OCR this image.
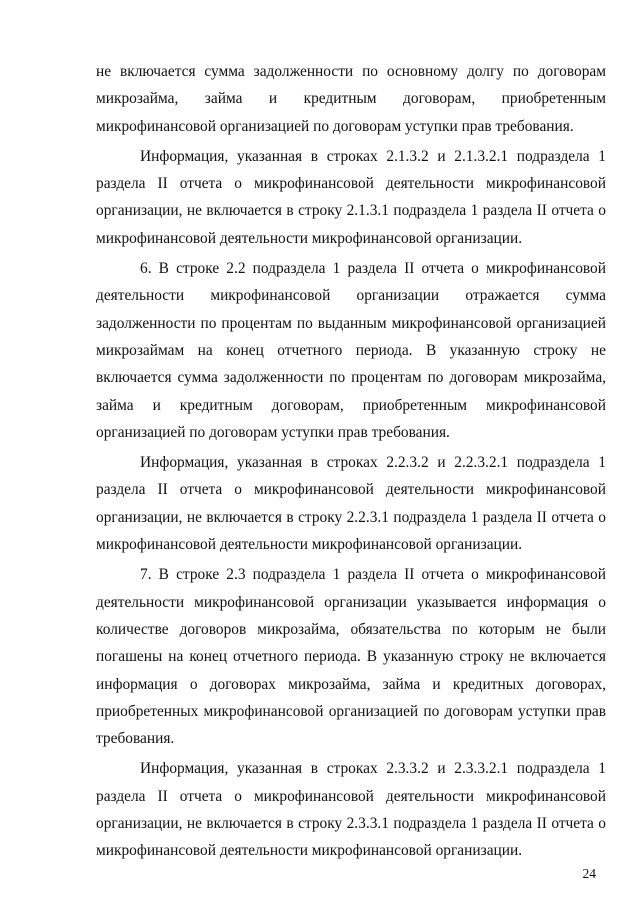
не включается сумма задолженности по основному долгу по договорам микрозайма, займа и кредитным договорам, приобретенным микрофинансовой организацией по договорам уступки прав требования.

Информация, указанная в строках 2.1.3.2 и 2.1.3.2.1 подраздела 1 раздела II отчета о микрофинансовой деятельности микрофинансовой организации, не включается в строку 2.1.3.1 подраздела 1 раздела II отчета о микрофинансовой деятельности микрофинансовой организации.

6. В строке 2.2 подраздела 1 раздела II отчета о микрофинансовой деятельности микрофинансовой организации отражается сумма задолженности по процентам по выданным микрофинансовой организацией микрозаймам на конец отчетного периода. В указанную строку не включается сумма задолженности по процентам по договорам микрозайма, займа и кредитным договорам, приобретенным микрофинансовой организацией по договорам уступки прав требования.

Информация, указанная в строках 2.2.3.2 и 2.2.3.2.1 подраздела 1 раздела II отчета о микрофинансовой деятельности микрофинансовой организации, не включается в строку 2.2.3.1 подраздела 1 раздела II отчета о микрофинансовой деятельности микрофинансовой организации.

7. В строке 2.3 подраздела 1 раздела II отчета о микрофинансовой деятельности микрофинансовой организации указывается информация о количестве договоров микрозайма, обязательства по которым не были погашены на конец отчетного периода. В указанную строку не включается информация о договорах микрозайма, займа и кредитных договорах, приобретенных микрофинансовой организацией по договорам уступки прав требования.

Информация, указанная в строках 2.3.3.2 и 2.3.3.2.1 подраздела 1 раздела II отчета о микрофинансовой деятельности микрофинансовой организации, не включается в строку 2.3.3.1 подраздела 1 раздела II отчета о микрофинансовой деятельности микрофинансовой организации.

24
